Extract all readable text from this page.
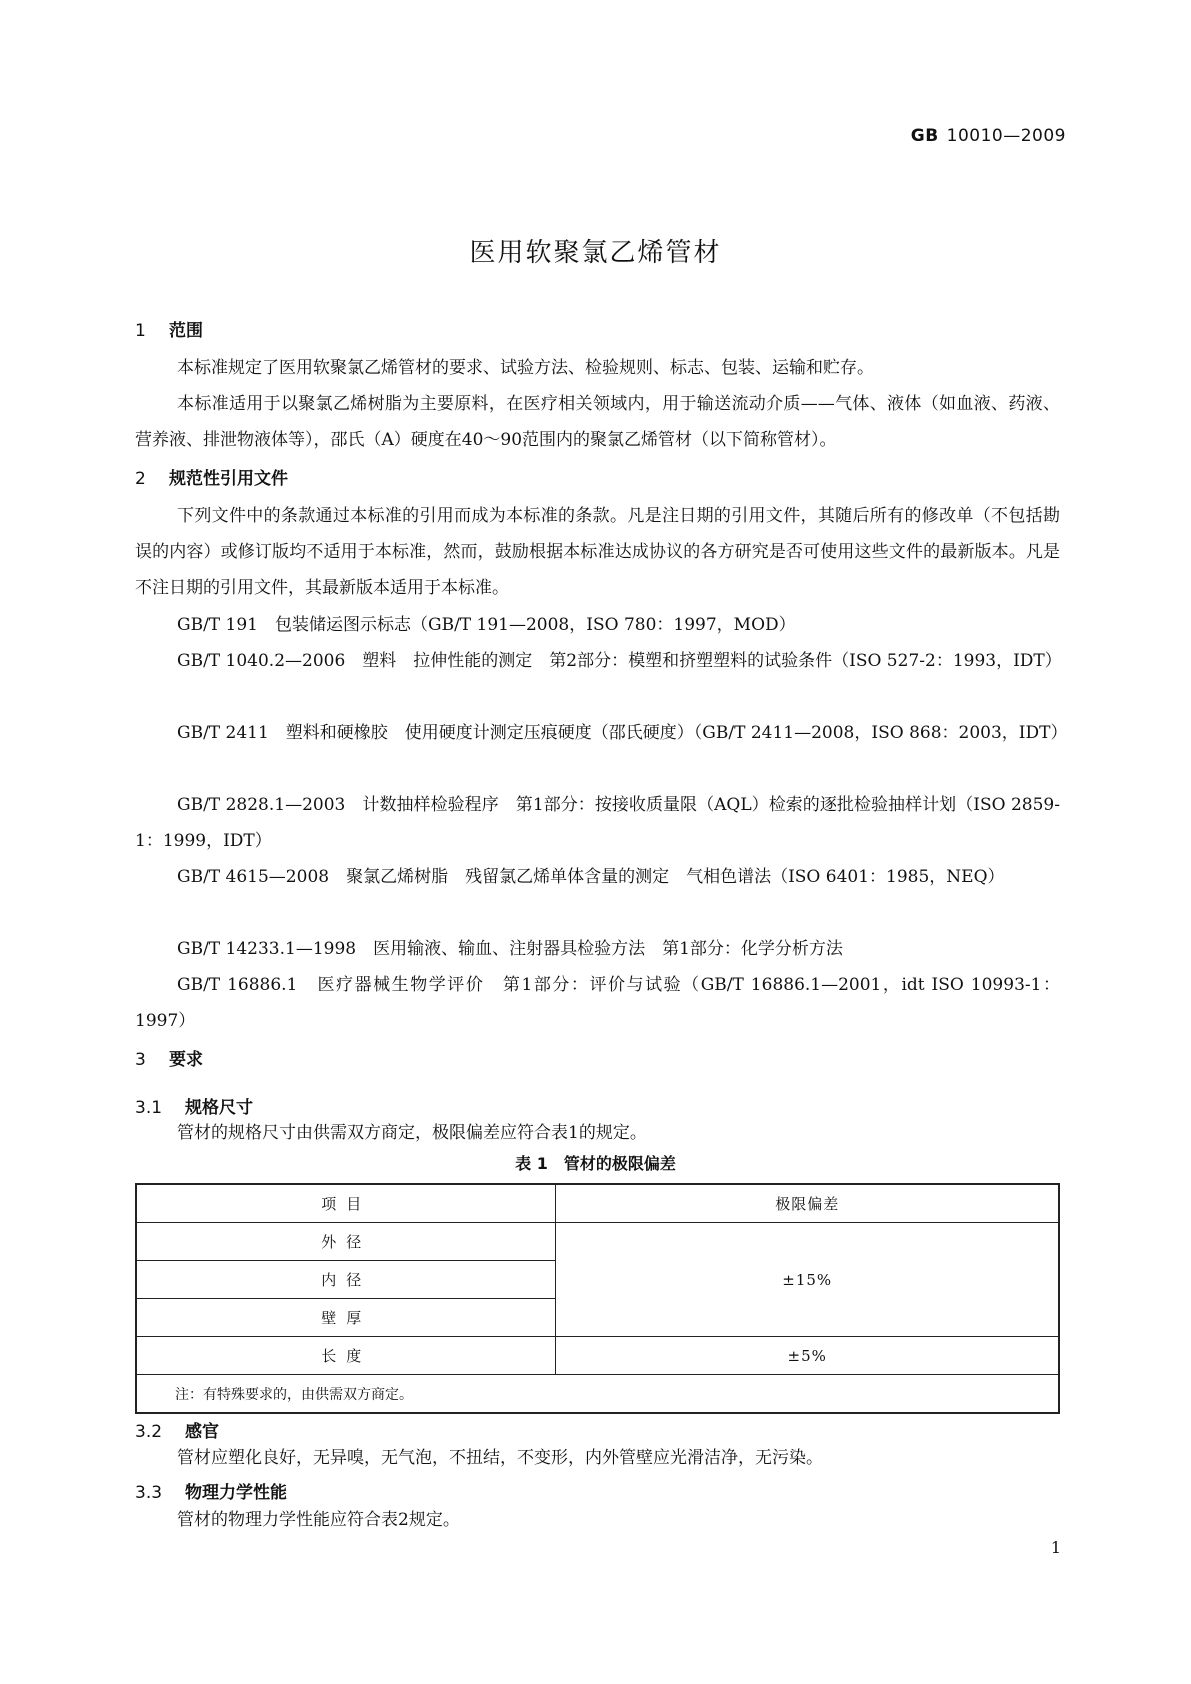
GB 10010—2009
医用软聚氯乙烯管材
1 范围
本标准规定了医用软聚氯乙烯管材的要求、试验方法、检验规则、标志、包装、运输和贮存。
本标准适用于以聚氯乙烯树脂为主要原料，在医疗相关领域内，用于输送流动介质——气体、液体（如血液、药液、营养液、排泄物液体等），邵氏（A）硬度在40～90范围内的聚氯乙烯管材（以下简称管材）。
2 规范性引用文件
下列文件中的条款通过本标准的引用而成为本标准的条款。凡是注日期的引用文件，其随后所有的修改单（不包括勘误的内容）或修订版均不适用于本标准，然而，鼓励根据本标准达成协议的各方研究是否可使用这些文件的最新版本。凡是不注日期的引用文件，其最新版本适用于本标准。
GB/T 191　包装储运图示标志（GB/T 191—2008，ISO 780：1997，MOD）
GB/T 1040.2—2006　塑料　拉伸性能的测定　第2部分：模塑和挤塑塑料的试验条件（ISO 527-2：1993，IDT）
GB/T 2411　塑料和硬橡胶　使用硬度计测定压痕硬度（邵氏硬度）（GB/T 2411—2008，ISO 868：2003，IDT）
GB/T 2828.1—2003　计数抽样检验程序　第1部分：按接收质量限（AQL）检索的逐批检验抽样计划（ISO 2859-1：1999，IDT）
GB/T 4615—2008　聚氯乙烯树脂　残留氯乙烯单体含量的测定　气相色谱法（ISO 6401：1985，NEQ）
GB/T 14233.1—1998　医用输液、输血、注射器具检验方法　第1部分：化学分析方法
GB/T 16886.1　医疗器械生物学评价　第1部分：评价与试验（GB/T 16886.1—2001，idt ISO 10993-1：1997）
3 要求
3.1 规格尺寸
管材的规格尺寸由供需双方商定，极限偏差应符合表1的规定。
表 1　管材的极限偏差
项目	极限偏差
外径	±15%
内径	
壁厚	
长度	±5%
注：有特殊要求的，由供需双方商定。	
3.2 感官
管材应塑化良好，无异嗅，无气泡，不扭结，不变形，内外管壁应光滑洁净，无污染。
3.3 物理力学性能
管材的物理力学性能应符合表2规定。
1
